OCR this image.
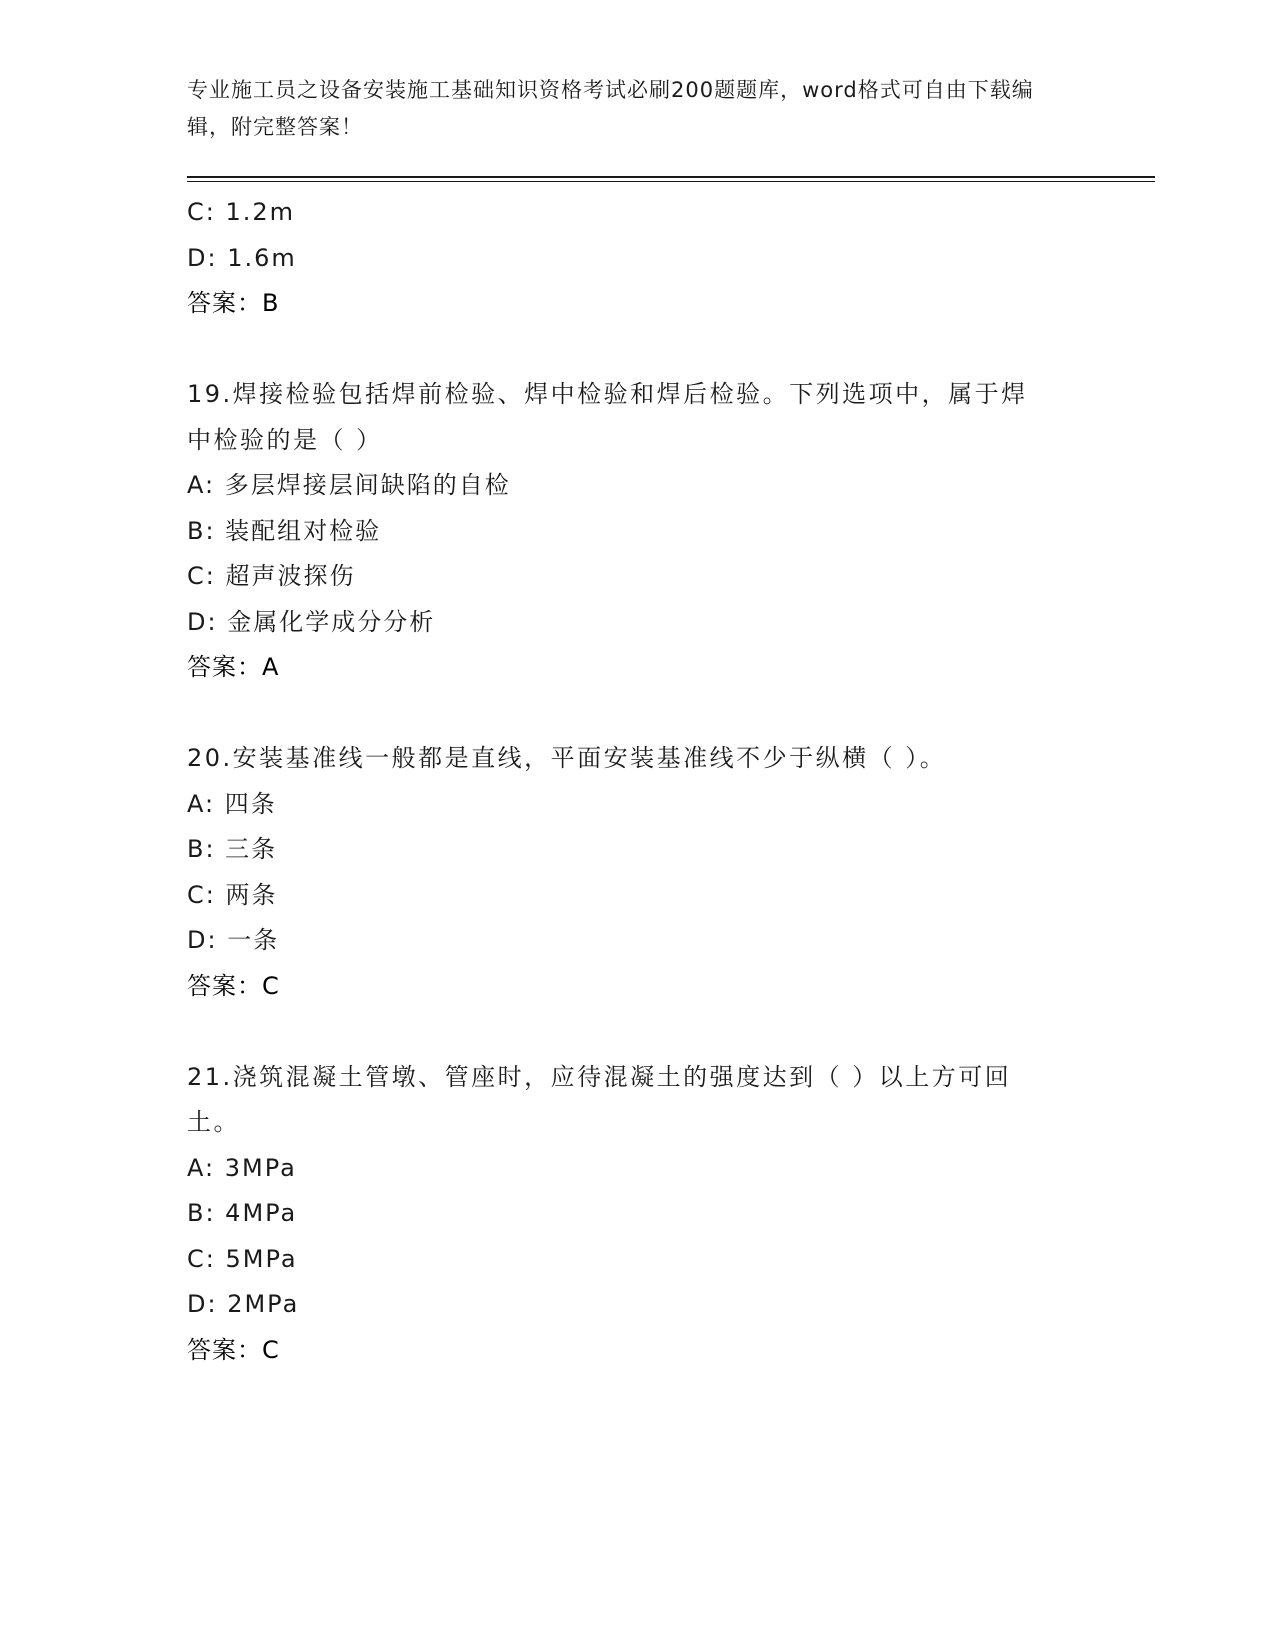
专业施工员之设备安装施工基础知识资格考试必刷200题题库，word格式可自由下载编辑，附完整答案！
C: 1.2m
D: 1.6m
答案：B
19.焊接检验包括焊前检验、焊中检验和焊后检验。下列选项中，属于焊中检验的是（ ）
A: 多层焊接层间缺陷的自检
B: 装配组对检验
C: 超声波探伤
D: 金属化学成分分析
答案：A
20.安装基准线一般都是直线，平面安装基准线不少于纵横（ ）。
A: 四条
B: 三条
C: 两条
D: 一条
答案：C
21.浇筑混凝土管墩、管座时，应待混凝土的强度达到（ ）以上方可回土。
A: 3MPa
B: 4MPa
C: 5MPa
D: 2MPa
答案：C
